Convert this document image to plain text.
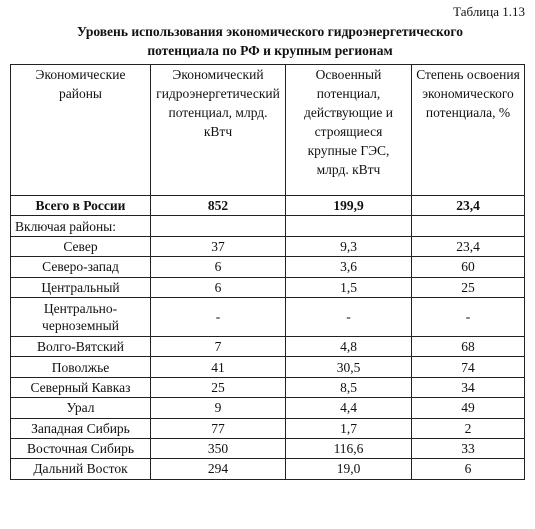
Таблица 1.13
Уровень использования экономического гидроэнергетического потенциала по РФ и крупным регионам
Экономические районы	Экономический гидроэнергетический потенциал, млрд. кВтч	Освоенный потенциал, действующие и строящиеся крупные ГЭС, млрд. кВтч	Степень освоения экономического потенциала, %
Всего в России	852	199,9	23,4
Включая районы:			
Север	37	9,3	23,4
Северо-запад	6	3,6	60
Центральный	6	1,5	25
Центрально-черноземный	-	-	-
Волго-Вятский	7	4,8	68
Поволжье	41	30,5	74
Северный Кавказ	25	8,5	34
Урал	9	4,4	49
Западная Сибирь	77	1,7	2
Восточная Сибирь	350	116,6	33
Дальний Восток	294	19,0	6
